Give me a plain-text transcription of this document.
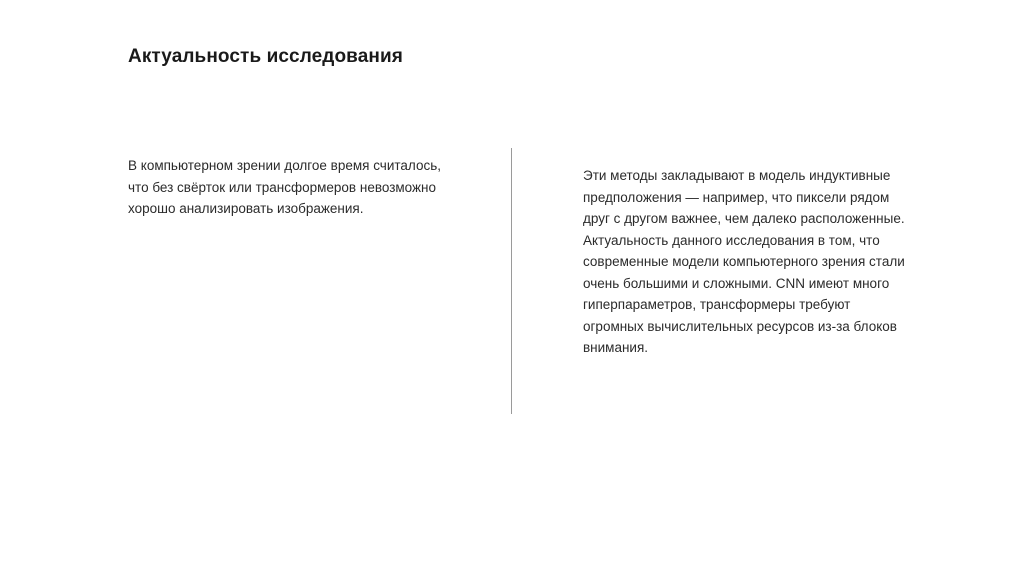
Актуальность исследования

В компьютерном зрении долгое время считалось,
что без свёрток или трансформеров невозможно
хорошо анализировать изображения.

Эти методы закладывают в модель индуктивные
предположения — например, что пиксели рядом
друг с другом важнее, чем далеко расположенные.
Актуальность данного исследования в том, что
современные модели компьютерного зрения стали
очень большими и сложными. CNN имеют много
гиперпараметров, трансформеры требуют
огромных вычислительных ресурсов из-за блоков
внимания.
